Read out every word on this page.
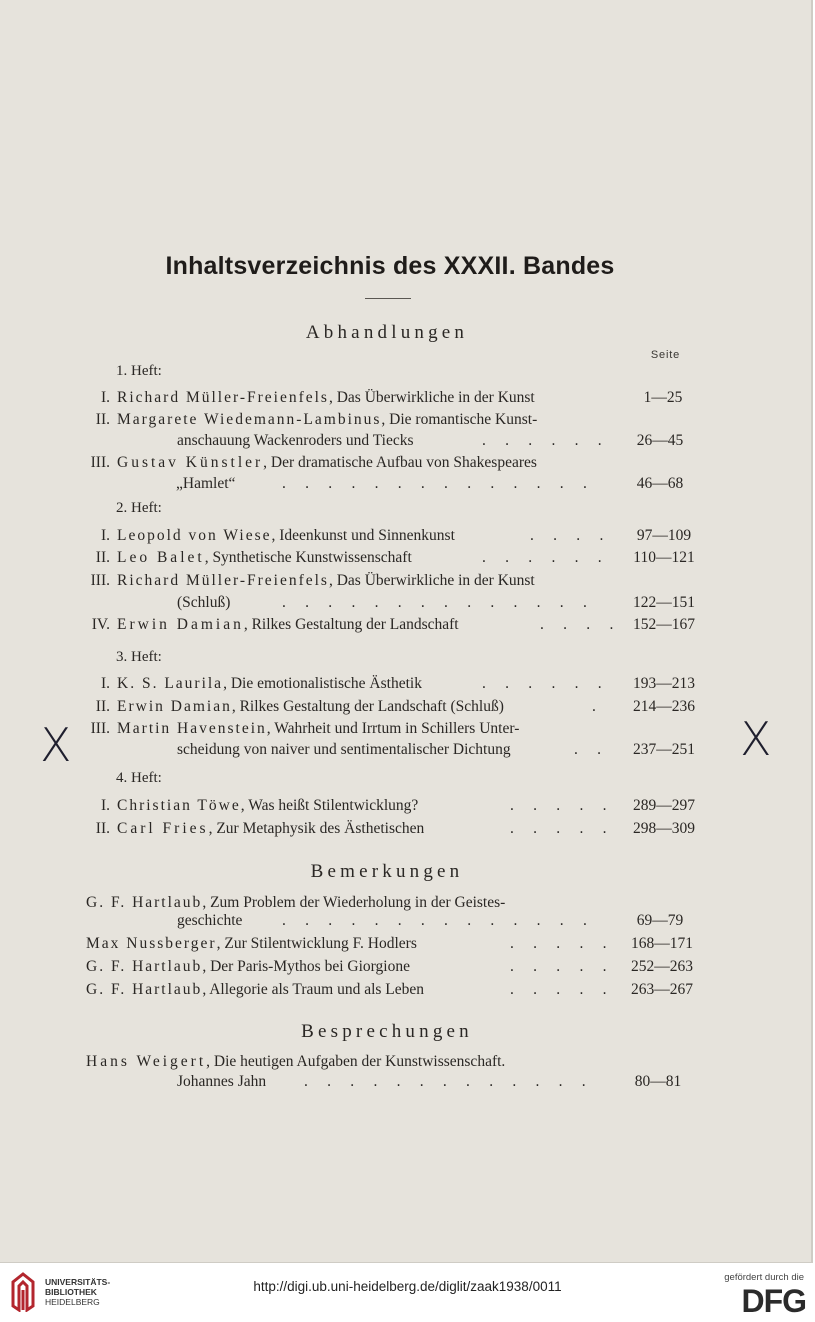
Inhaltsverzeichnis des XXXII. Bandes
Abhandlungen
Seite
1. Heft:
I. Richard Müller-Freienfels, Das Überwirkliche in der Kunst	1—25
II. Margarete Wiedemann-Lambinus, Die romantische Kunst-
anschauung Wackenroders und Tiecks	. . . . . .	26—45
III. Gustav Künstler, Der dramatische Aufbau von Shakespeares
„Hamlet“	. . . . . . . . . . . . . .	46—68
2. Heft:
I. Leopold von Wiese, Ideenkunst und Sinnenkunst	. . . .	97—109
II. Leo Balet, Synthetische Kunstwissenschaft	. . . . . .	110—121
III. Richard Müller-Freienfels, Das Überwirkliche in der Kunst
(Schluß)	. . . . . . . . . . . . . .	122—151
IV. Erwin Damian, Rilkes Gestaltung der Landschaft	. . . . 152—167
3. Heft:
I. K. S. Laurila, Die emotionalistische Ästhetik	. . . . . .	193—213
II. Erwin Damian, Rilkes Gestaltung der Landschaft (Schluß)	.	214—236
III. Martin Havenstein, Wahrheit und Irrtum in Schillers Unter-
scheidung von naiver und sentimentalischer Dichtung	. .	237—251
4. Heft:
I. Christian Töwe, Was heißt Stilentwicklung?	. . . . .	289—297
II. Carl Fries, Zur Metaphysik des Ästhetischen	. . . . .	298—309
Bemerkungen
G. F. Hartlaub, Zum Problem der Wiederholung in der Geistes-
geschichte	. . . . . . . . . . . . . .	69—79
Max Nussberger, Zur Stilentwicklung F. Hodlers	. . . . .	168—171
G. F. Hartlaub, Der Paris-Mythos bei Giorgione	. . . . .	252—263
G. F. Hartlaub, Allegorie als Traum und als Leben	. . . . .	263—267
Besprechungen
Hans Weigert, Die heutigen Aufgaben der Kunstwissenschaft.
Johannes Jahn . . . . . . . . . . . . .	80—81
X	X
UNIVERSITÄTS-
BIBLIOTHEK
HEIDELBERG
http://digi.ub.uni-heidelberg.de/diglit/zaak1938/0011
gefördert durch die
DFG
